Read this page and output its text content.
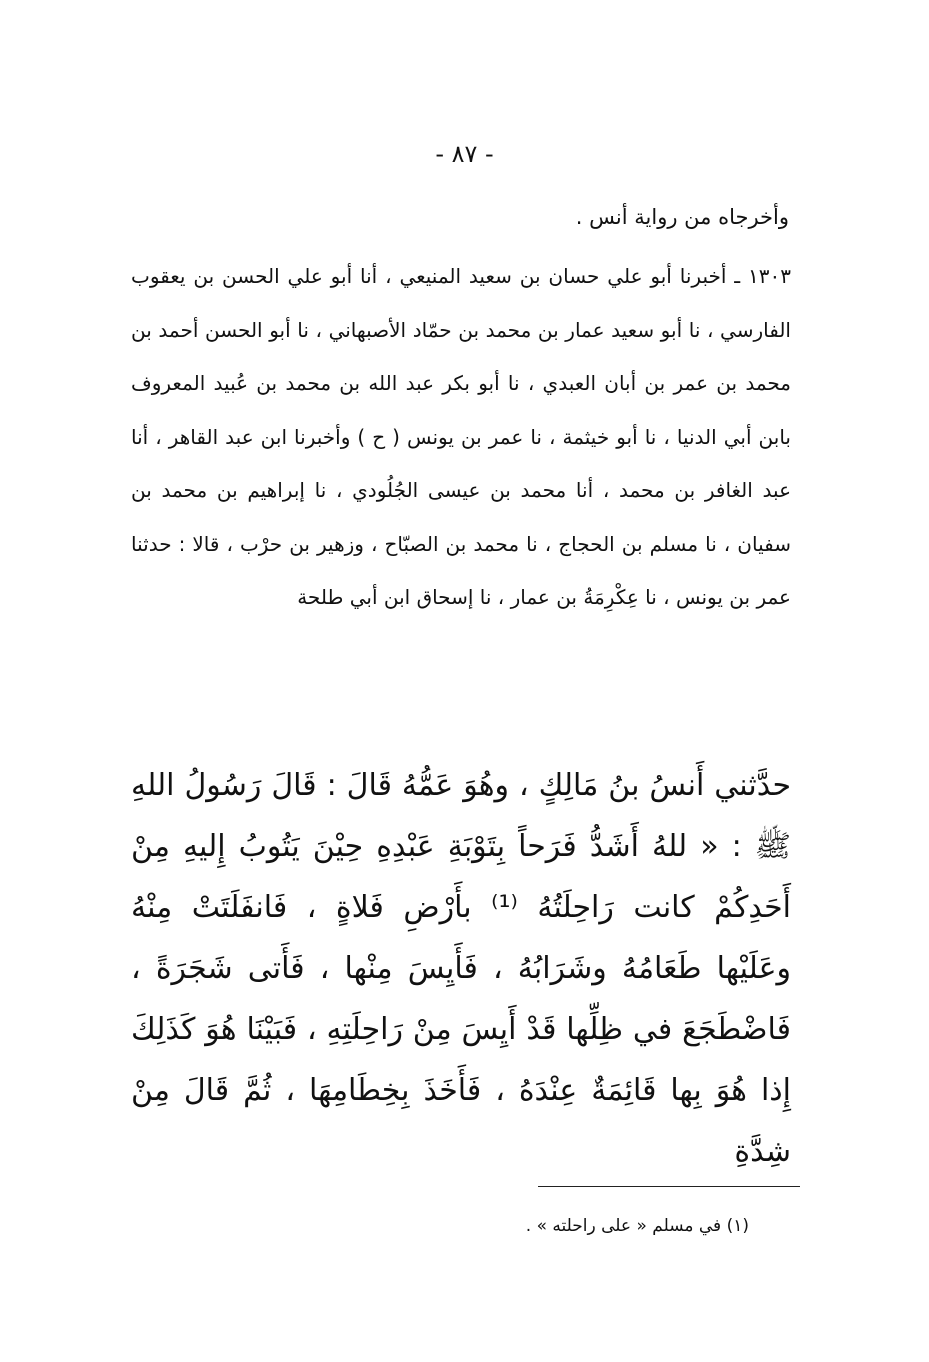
- ٨٧ -
وأخرجاه من رواية أنس .

١٣٠٣ ـ أخبرنا أبو علي حسان بن سعيد المنيعي ، أنا أبو علي الحسن بن يعقوب الفارسي ، نا أبو سعيد عمار بن محمد بن حمّاد الأصبهاني ، نا أبو الحسن أحمد بن محمد بن عمر بن أبان العبدي ، نا أبو بكر عبد الله بن محمد بن عُبيد المعروف بابن أبي الدنيا ، نا أبو خيثمة ، نا عمر بن يونس ( ح ) وأخبرنا ابن عبد القاهر ، أنا عبد الغافر بن محمد ، أنا محمد بن عيسى الجُلُودي ، نا إبراهيم بن محمد بن سفيان ، نا مسلم بن الحجاج ، نا محمد بن الصبّاح ، وزهير بن حرْب ، قالا : حدثنا عمر بن يونس ، نا عِكْرِمَةُ بن عمار ، نا إسحاق ابن أبي طلحة

حدَّثني أَنسُ بنُ مَالِكٍ ، وهُوَ عَمُّهُ قَالَ : قَالَ رَسُولُ اللهِ ﷺ : « للهُ أَشَدُّ فَرَحاً بِتَوْبَةِ عَبْدِهِ حِيْنَ يَتُوبُ إِليهِ مِنْ أَحَدِكُمْ كانت رَاحِلَتُهُ ⁽¹⁾ بأَرْضِ فَلاةٍ ، فَانفَلَتَتْ مِنْهُ وعَلَيْها طَعَامُهُ وشَرَابُهُ ، فَأَيِسَ مِنْها ، فَأَتى شَجَرَةً ، فَاضْطَجَعَ في ظِلِّها قَدْ أَيِسَ مِنْ رَاحِلَتِهِ ، فَبَيْنَا هُوَ كَذَلِكَ إِذا هُوَ بِها قَائِمَةٌ عِنْدَهُ ، فَأَخَذَ بِخِطَامِهَا ، ثُمَّ قَالَ مِنْ شِدَّةِ

(١) في مسلم « على راحلته » .
